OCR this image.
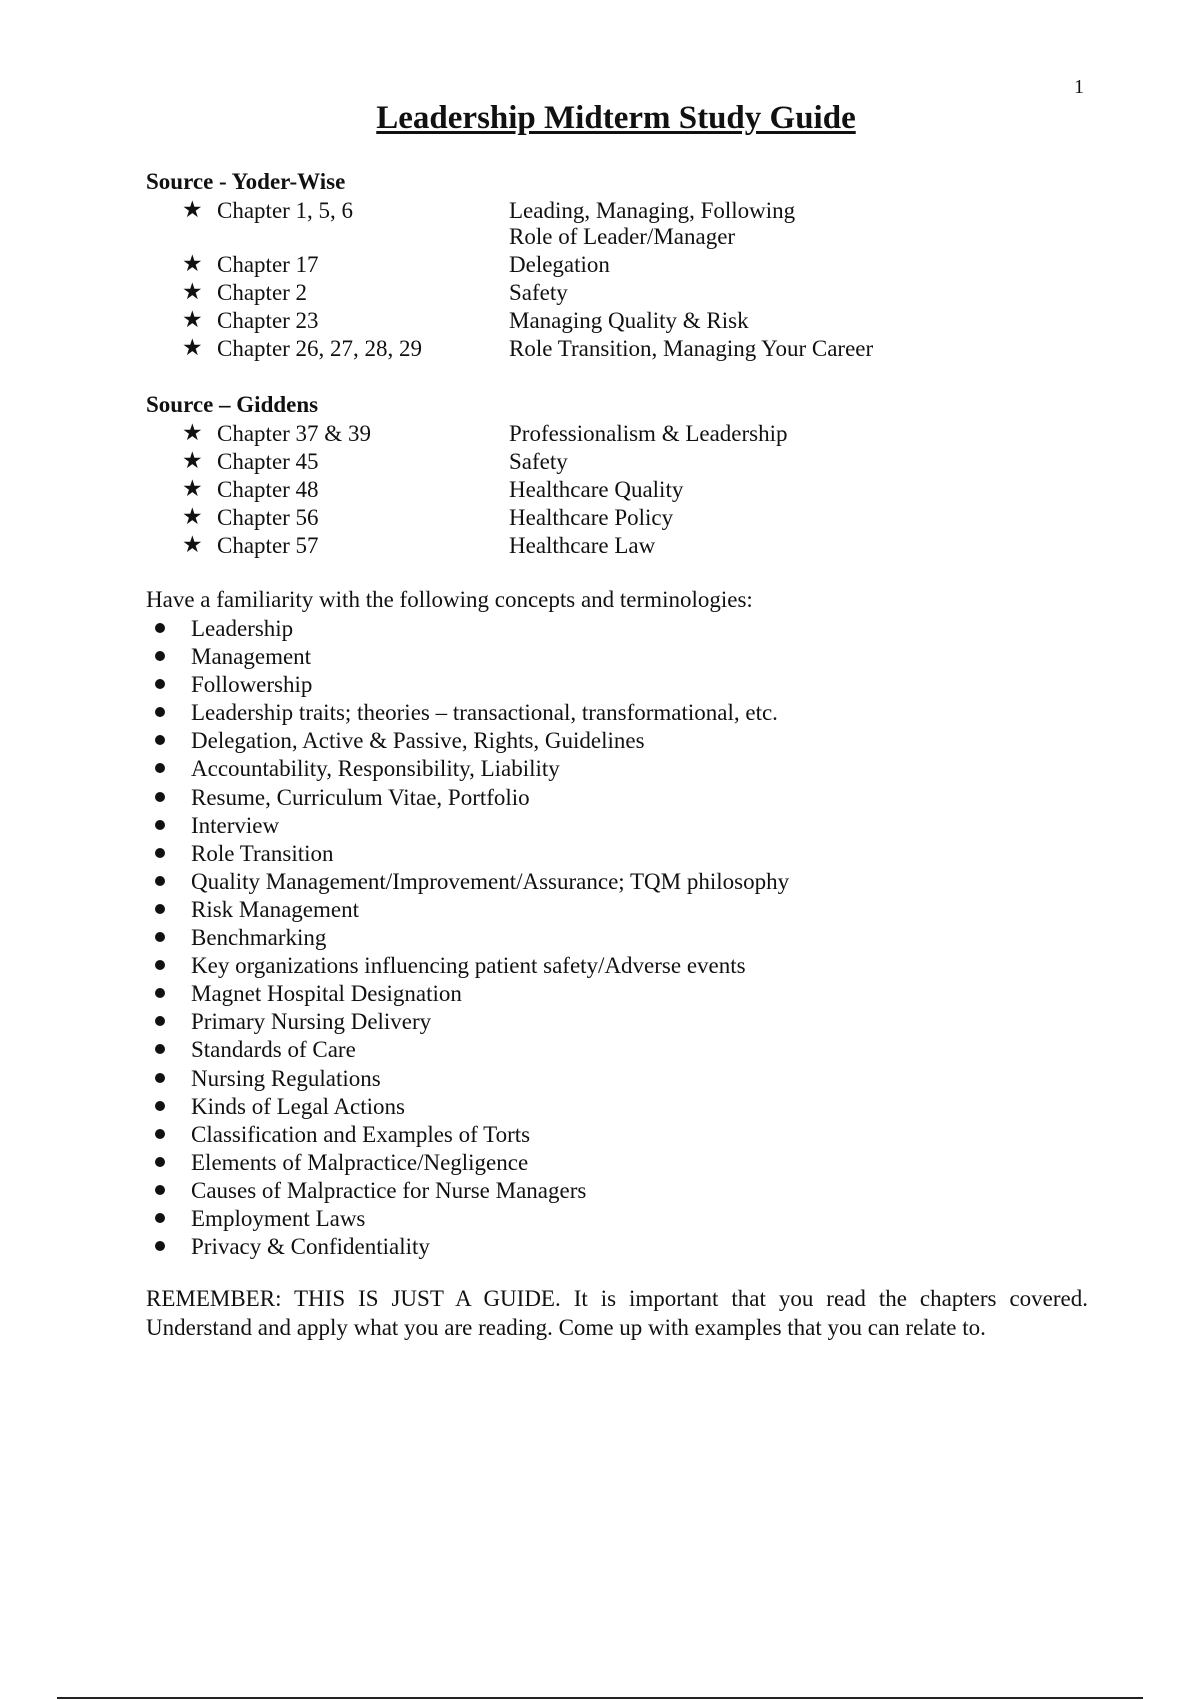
1
Leadership Midterm Study Guide
Source - Yoder-Wise
★ Chapter 1, 5, 6	Leading, Managing, Following
Role of Leader/Manager
★ Chapter 17	Delegation
★ Chapter 2	Safety
★ Chapter 23	Managing Quality & Risk
★ Chapter 26, 27, 28, 29	Role Transition, Managing Your Career
Source – Giddens
★ Chapter 37 & 39	Professionalism & Leadership
★ Chapter 45	Safety
★ Chapter 48	Healthcare Quality
★ Chapter 56	Healthcare Policy
★ Chapter 57	Healthcare Law

Have a familiarity with the following concepts and terminologies:

Leadership
Management
Followership
Leadership traits; theories – transactional, transformational, etc.
Delegation, Active & Passive, Rights, Guidelines
Accountability, Responsibility, Liability
Resume, Curriculum Vitae, Portfolio
Interview
Role Transition
Quality Management/Improvement/Assurance; TQM philosophy
Risk Management
Benchmarking
Key organizations influencing patient safety/Adverse events
Magnet Hospital Designation
Primary Nursing Delivery
Standards of Care
Nursing Regulations
Kinds of Legal Actions
Classification and Examples of Torts
Elements of Malpractice/Negligence
Causes of Malpractice for Nurse Managers
Employment Laws
Privacy & Confidentiality

REMEMBER: THIS IS JUST A GUIDE. It is important that you read the chapters covered. Understand and apply what you are reading. Come up with examples that you can relate to.
